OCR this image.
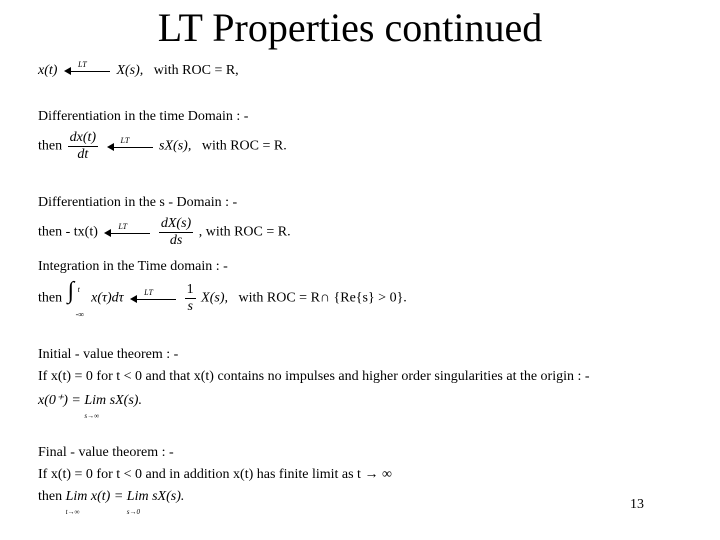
LT Properties continued
x(t)	LT X(s), with ROC = R,
Differentiation in the time Domain : -
then $\frac{dx(t)}{dt}$
	LT sX(s), with ROC = R.
Differentiation in the s - Domain : -
then - tx(t)	LT
$\frac{dX(s)}{ds}$ , with ROC = R.
Integration in the Time domain : -
then ∫ t
-∞
x(τ)dτ	LT
$\frac{1}{s} X(s)$, with ROC = R∩ {Re{s} > 0}.
Initial - value theorem : -
If x(t) = 0 for t < 0 and that x(t) contains no impulses and higher order singularities at the origin : -
x(0⁺) = Lim
s→∞
sX(s).
Final - value theorem : -
If x(t) = 0 for t < 0 and in addition x(t) has finite limit as t → ∞
then Lim
t→∞
x(t) = Lim
s→0
sX(s).
13
